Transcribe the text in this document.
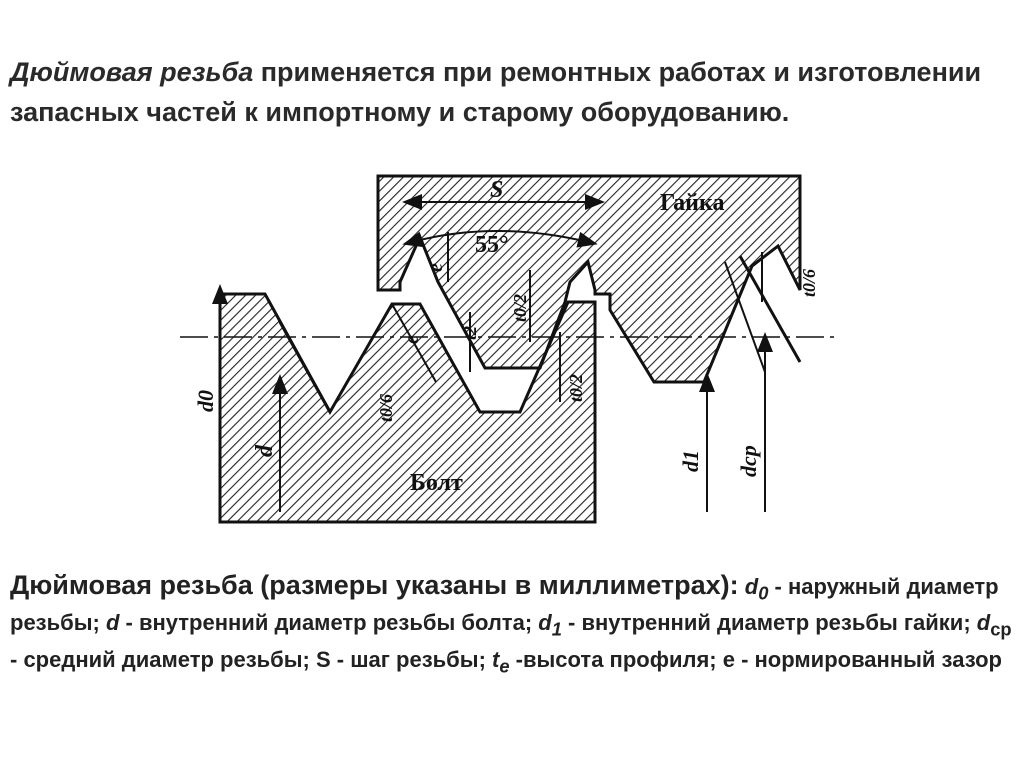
Дюймовая резьба применяется при ремонтных работах и изготовлении запасных частей к импортному и старому оборудованию.
Гайка
Болт
S
55°
d0
d	d1 dcp
e
e t2
t0/2
t0/2
t0/6
t0/6
Дюймовая резьба (размеры указаны в миллиметрах): $d_0$ - наружный диаметр резьбы; d - внутренний диаметр резьбы болта; $d_1$ - внутренний диаметр резьбы гайки; $d_{cp}$ - средний диаметр резьбы; S - шаг резьбы; $t_e$ -высота профиля; е - нормированный зазор
